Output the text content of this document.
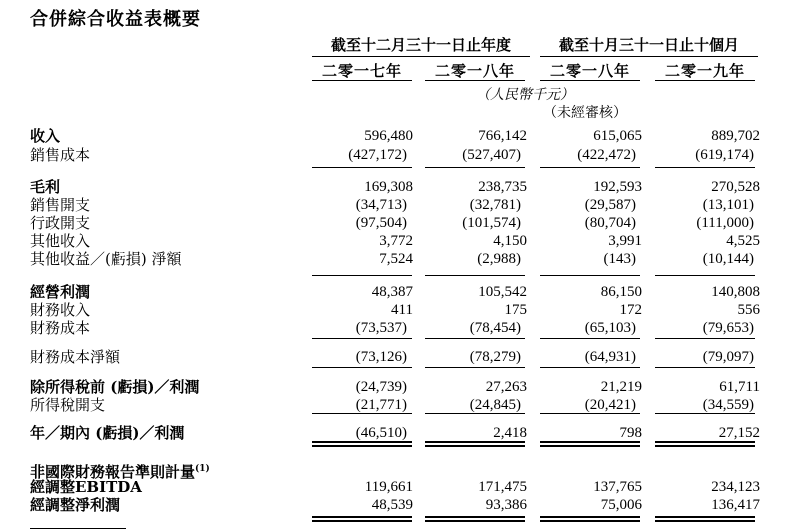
合併綜合收益表概要
截至十二月三十一日止年度	截至十月三十一日止十個月
二零一七年	二零一八年	二零一八年	二零一九年
（人民幣千元）
（未經審核）
收入	596,480	766,142	615,065	889,702
銷售成本	(427,172)	(527,407)	(422,472)	(619,174)
毛利	169,308	238,735	192,593	270,528
銷售開支	(34,713)	(32,781)	(29,587)	(13,101)
行政開支	(97,504)	(101,574)	(80,704)	(111,000)
其他收入	3,772	4,150	3,991	4,525
其他收益／(虧損) 淨額	7,524	(2,988)	(143)	(10,144)
經營利潤	48,387	105,542	86,150	140,808
財務收入	411	175	172	556
財務成本	(73,537)	(78,454)	(65,103)	(79,653)
財務成本淨額	(73,126)	(78,279)	(64,931)	(79,097)
除所得稅前 (虧損)／利潤	(24,739)	27,263	21,219	61,711
所得稅開支	(21,771)	(24,845)	(20,421)	(34,559)
年／期內 (虧損)／利潤	(46,510)	2,418	798	27,152
非國際財務報告準則計量$^{(1)}$
經調整EBITDA	119,661	171,475	137,765	234,123
經調整淨利潤	48,539	93,386	75,006	136,417
